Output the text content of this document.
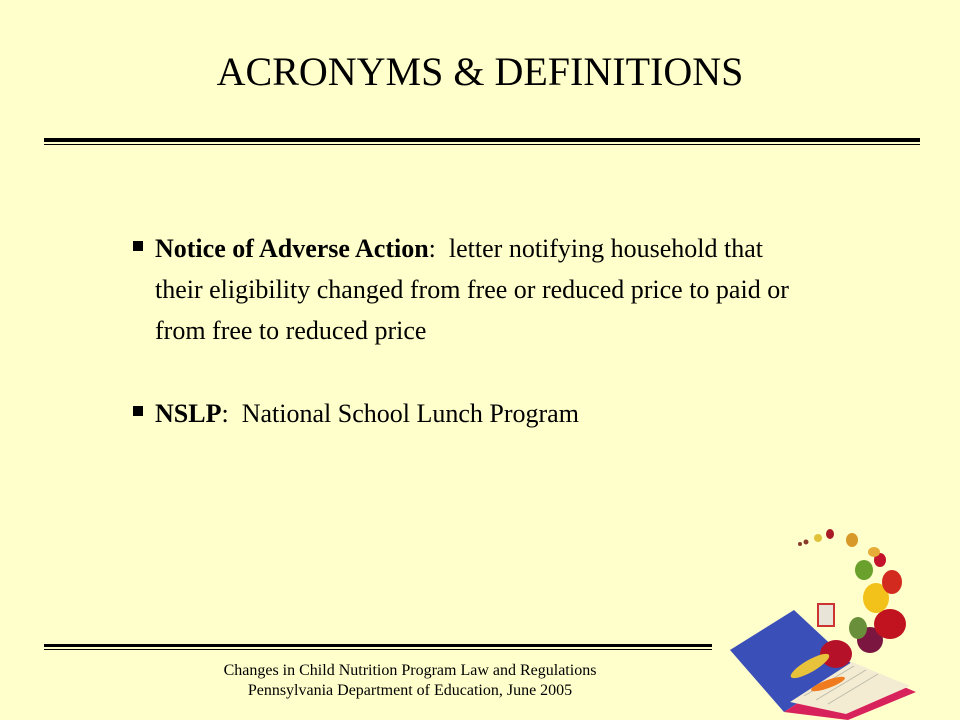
ACRONYMS & DEFINITIONS
Notice of Adverse Action:  letter notifying household that their eligibility changed from free or reduced price to paid or from free to reduced price
NSLP:  National School Lunch Program
Changes in Child Nutrition Program Law and Regulations
Pennsylvania Department of Education, June 2005
